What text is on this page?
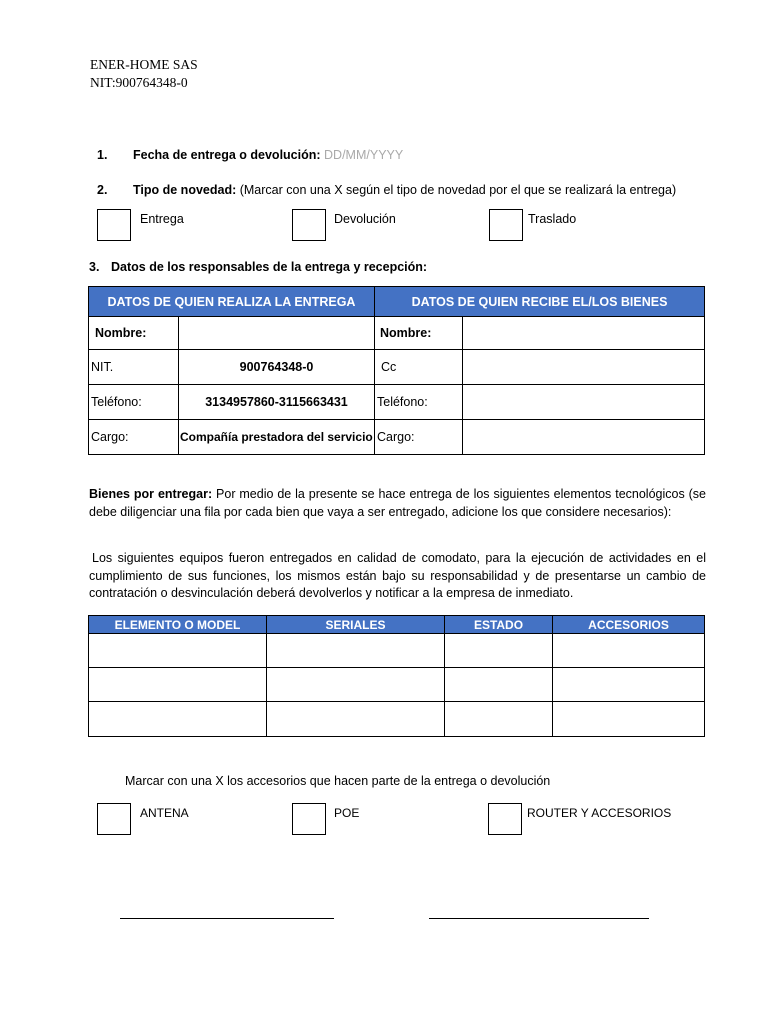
ENER-HOME SAS
NIT:900764348-0
1. Fecha de entrega o devolución: DD/MM/YYYY
2. Tipo de novedad: (Marcar con una X según el tipo de novedad por el que se realizará la entrega)
Entrega	Devolución	Traslado
3. Datos de los responsables de la entrega y recepción:
DATOS DE QUIEN REALIZA LA ENTREGA		DATOS DE QUIEN RECIBE EL/LOS BIENES	
Nombre:		Nombre:	
NIT.	900764348-0	Cc	
Teléfono:	3134957860-3115663431	Teléfono:	
Cargo:	Compañía prestadora del servicio	Cargo:	
Bienes por entregar: Por medio de la presente se hace entrega de los siguientes elementos tecnológicos (se debe diligenciar una fila por cada bien que vaya a ser entregado, adicione los que considere necesarios):
Los siguientes equipos fueron entregados en calidad de comodato, para la ejecución de actividades en el cumplimiento de sus funciones, los mismos están bajo su responsabilidad y de presentarse un cambio de contratación o desvinculación deberá devolverlos y notificar a la empresa de inmediato.
ELEMENTO O MODEL	SERIALES	ESTADO	ACCESORIOS

Marcar con una X los accesorios que hacen parte de la entrega o devolución
ANTENA	POE	ROUTER Y ACCESORIOS
